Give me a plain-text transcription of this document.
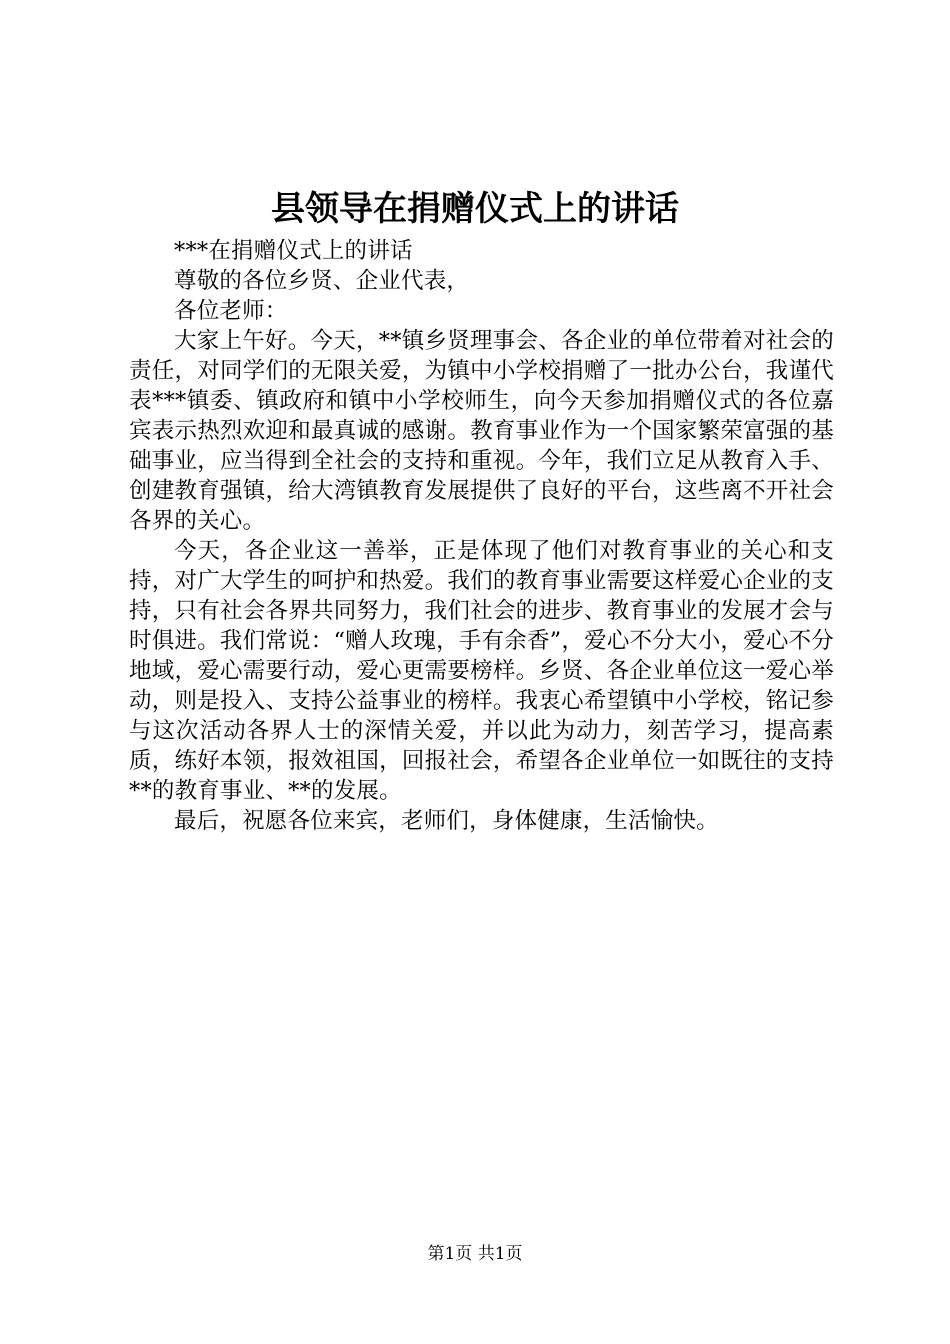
县领导在捐赠仪式上的讲话

***在捐赠仪式上的讲话

尊敬的各位乡贤、企业代表，

各位老师：

大家上午好。今天，**镇乡贤理事会、各企业的单位带着对社会的责任，对同学们的无限关爱，为镇中小学校捐赠了一批办公台，我谨代表***镇委、镇政府和镇中小学校师生，向今天参加捐赠仪式的各位嘉宾表示热烈欢迎和最真诚的感谢。教育事业作为一个国家繁荣富强的基础事业，应当得到全社会的支持和重视。今年，我们立足从教育入手、创建教育强镇，给大湾镇教育发展提供了良好的平台，这些离不开社会各界的关心。

今天，各企业这一善举，正是体现了他们对教育事业的关心和支持，对广大学生的呵护和热爱。我们的教育事业需要这样爱心企业的支持，只有社会各界共同努力，我们社会的进步、教育事业的发展才会与时俱进。我们常说：“赠人玫瑰，手有余香”，爱心不分大小，爱心不分地域，爱心需要行动，爱心更需要榜样。乡贤、各企业单位这一爱心举动，则是投入、支持公益事业的榜样。我衷心希望镇中小学校，铭记参与这次活动各界人士的深情关爱，并以此为动力，刻苦学习，提高素质，练好本领，报效祖国，回报社会，希望各企业单位一如既往的支持**的教育事业、**的发展。

最后，祝愿各位来宾，老师们，身体健康，生活愉快。

第1页 共1页
